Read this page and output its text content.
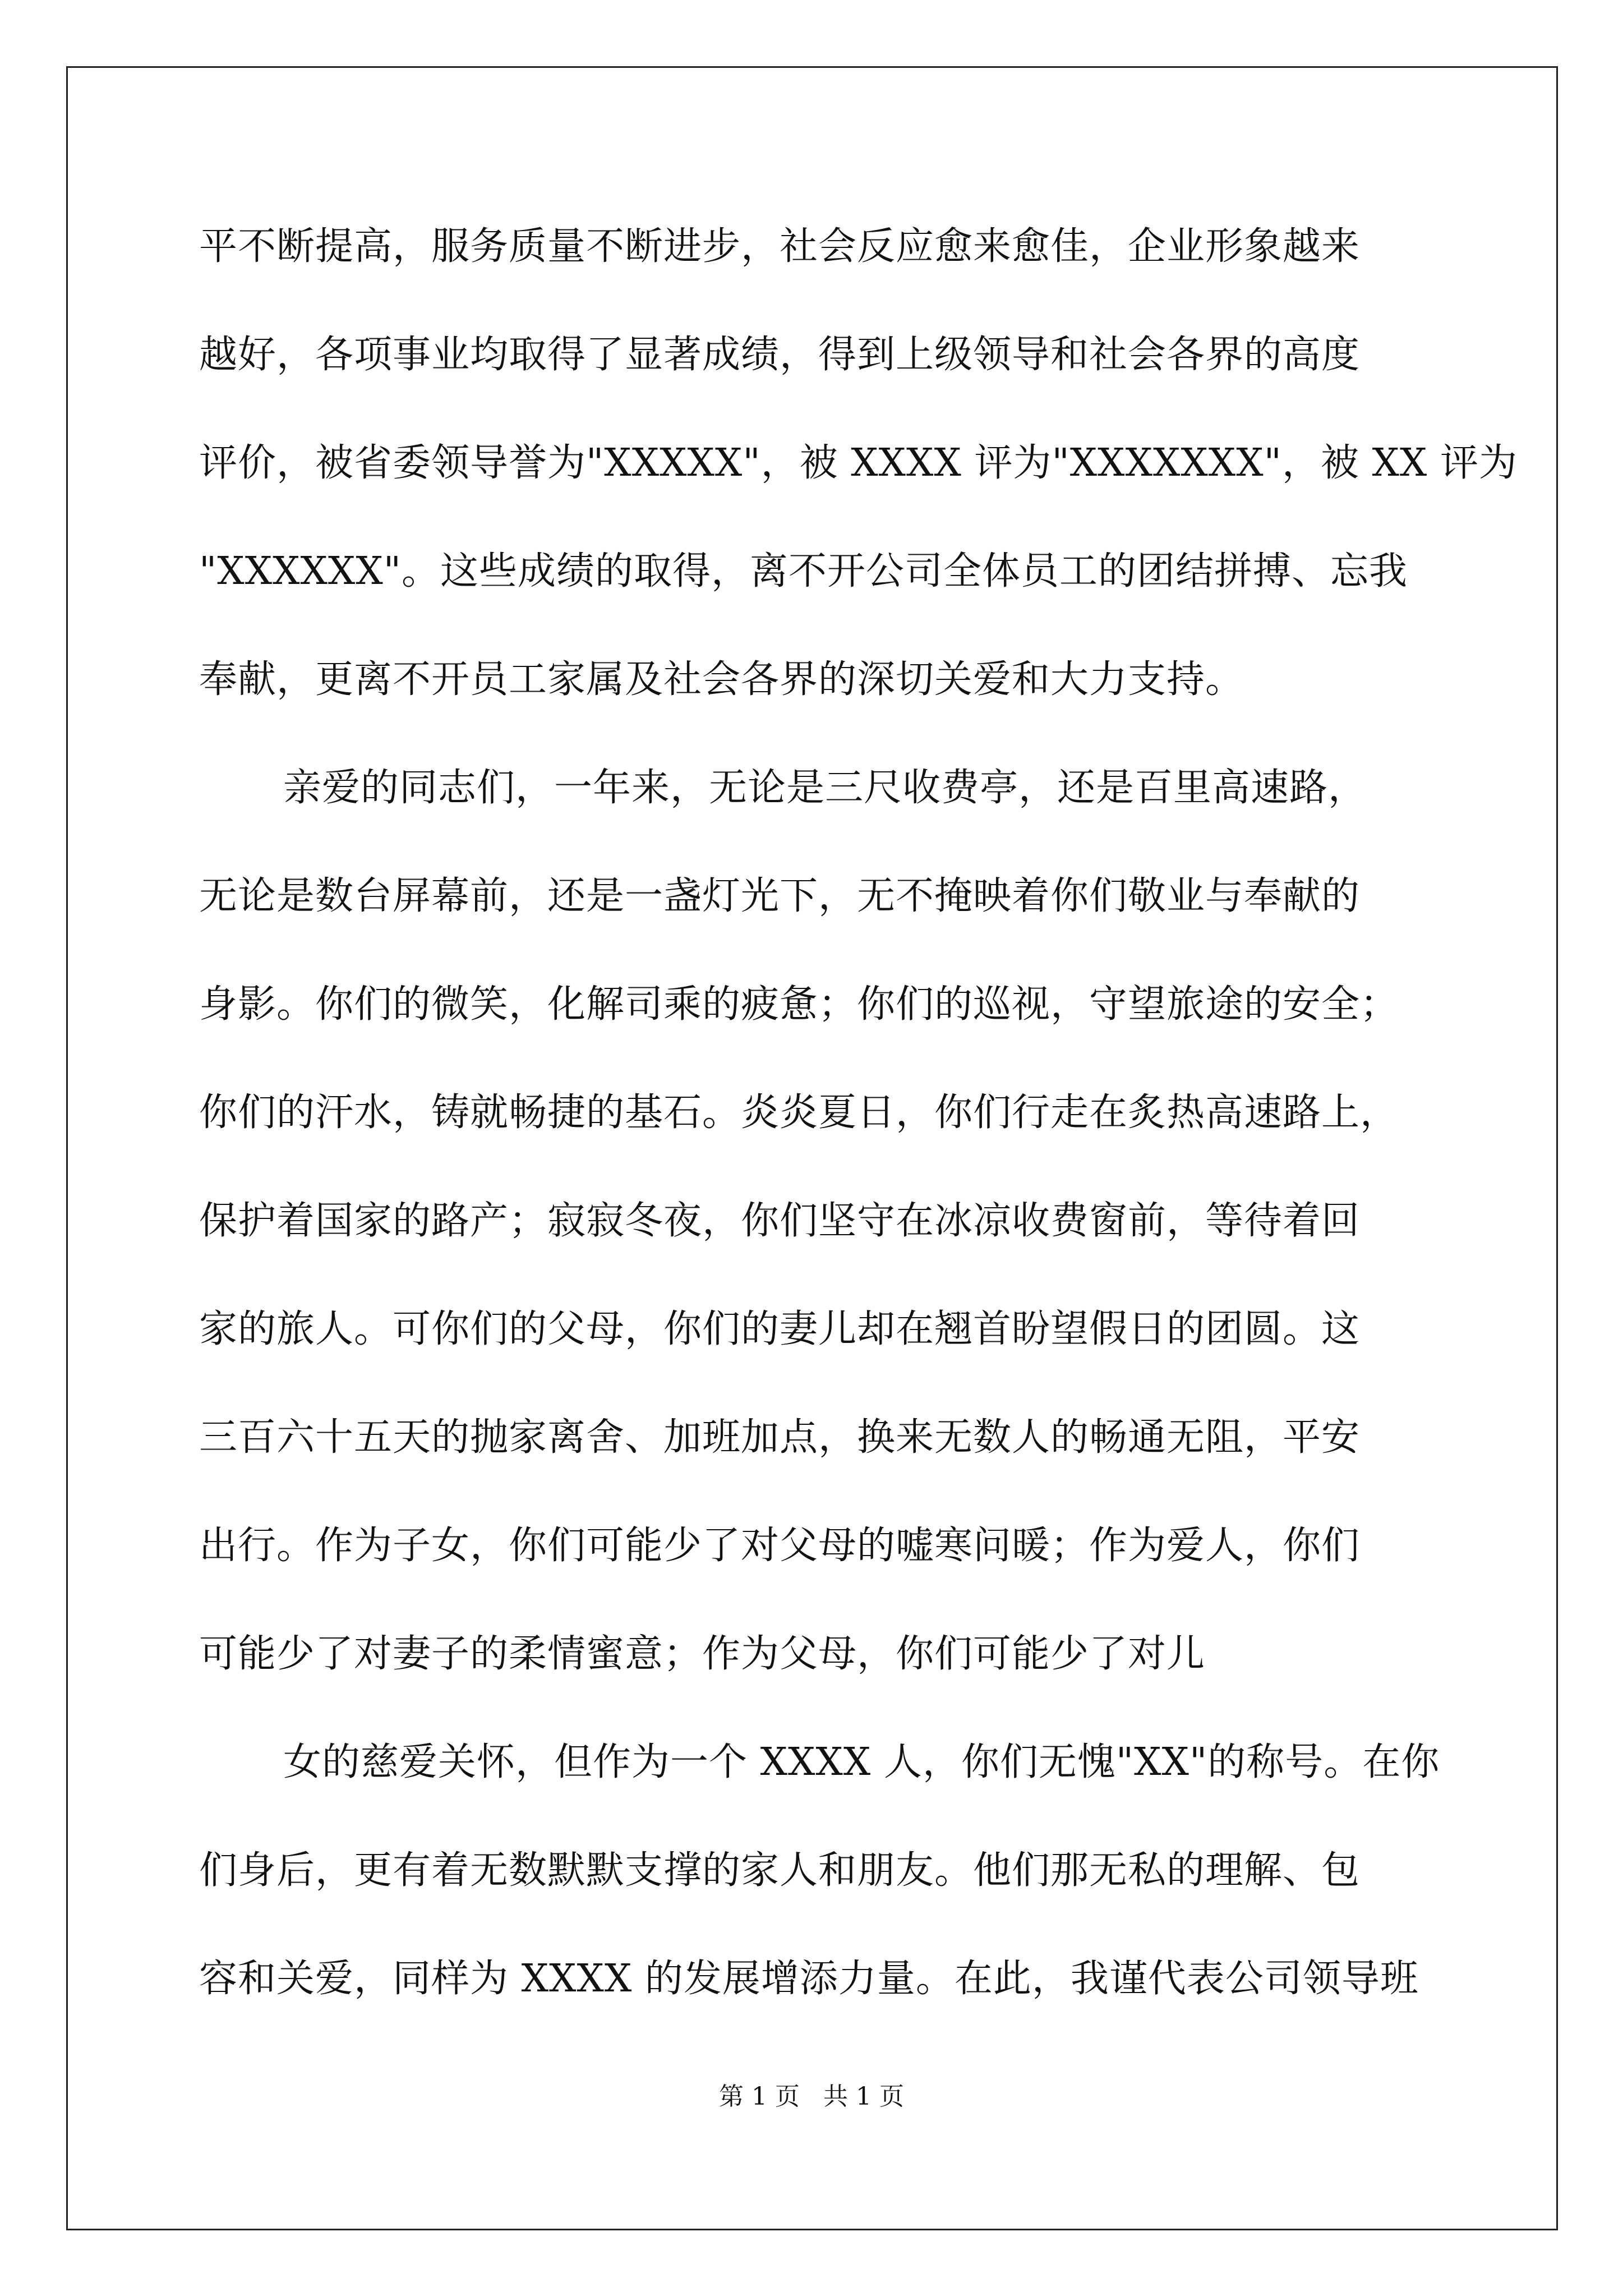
平不断提高，服务质量不断进步，社会反应愈来愈佳，企业形象越来
越好，各项事业均取得了显著成绩，得到上级领导和社会各界的高度
评价，被省委领导誉为"XXXXX"，被 XXXX 评为"XXXXXXX"，被 XX 评为
"XXXXXX"。这些成绩的取得，离不开公司全体员工的团结拼搏、忘我
奉献，更离不开员工家属及社会各界的深切关爱和大力支持。
亲爱的同志们，一年来，无论是三尺收费亭，还是百里高速路，
无论是数台屏幕前，还是一盏灯光下，无不掩映着你们敬业与奉献的
身影。你们的微笑，化解司乘的疲惫；你们的巡视，守望旅途的安全；
你们的汗水，铸就畅捷的基石。炎炎夏日，你们行走在炙热高速路上，
保护着国家的路产；寂寂冬夜，你们坚守在冰凉收费窗前，等待着回
家的旅人。可你们的父母，你们的妻儿却在翘首盼望假日的团圆。这
三百六十五天的抛家离舍、加班加点，换来无数人的畅通无阻，平安
出行。作为子女，你们可能少了对父母的嘘寒问暖；作为爱人，你们
可能少了对妻子的柔情蜜意；作为父母，你们可能少了对儿
女的慈爱关怀，但作为一个 XXXX 人，你们无愧"XX"的称号。在你
们身后，更有着无数默默支撑的家人和朋友。他们那无私的理解、包
容和关爱，同样为 XXXX 的发展增添力量。在此，我谨代表公司领导班
第 1 页   共 1 页
